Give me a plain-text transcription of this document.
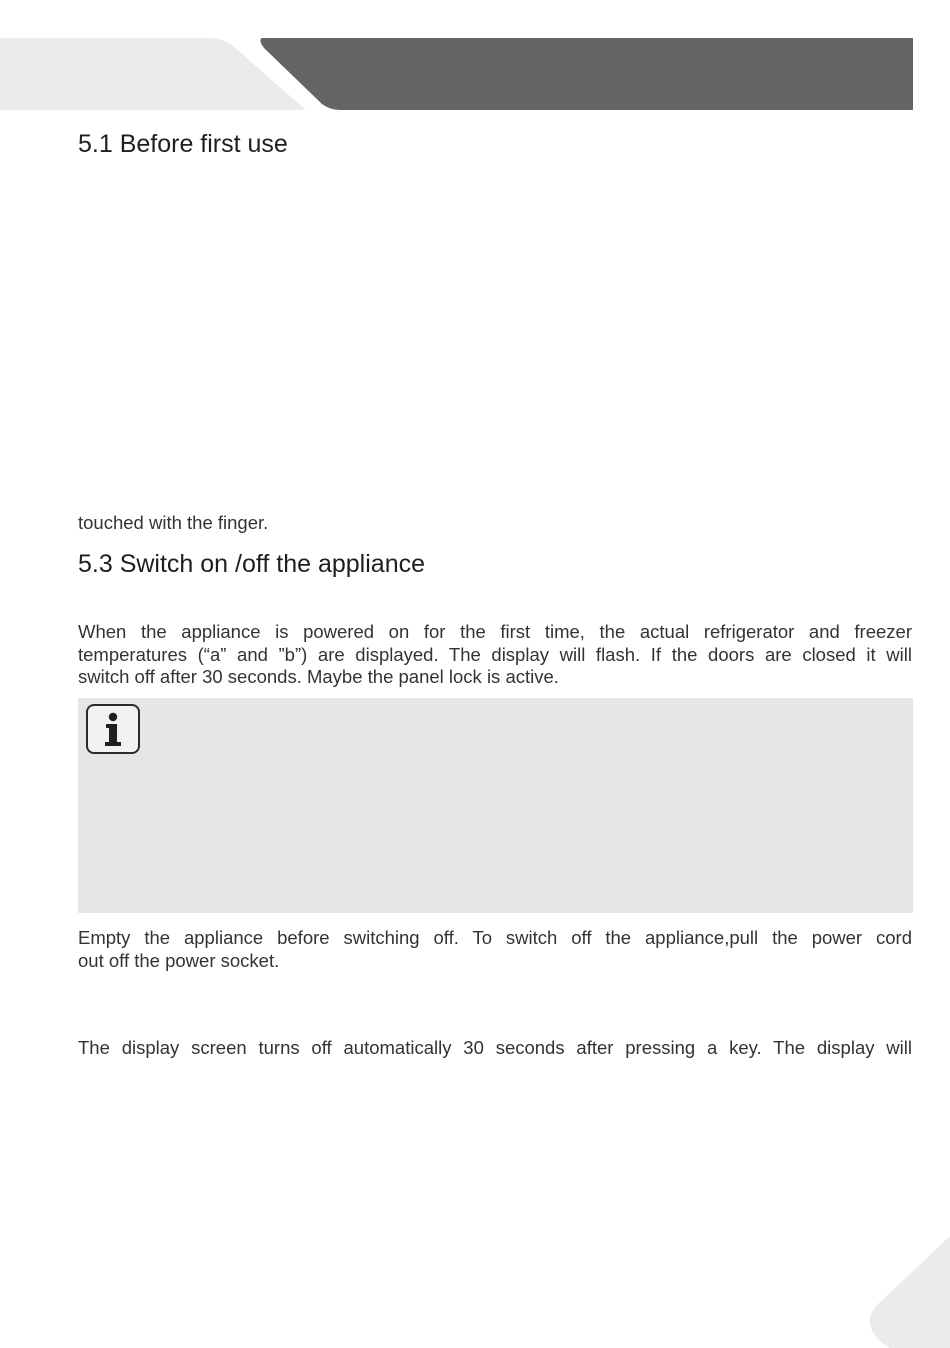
5.1 Before first use

touched with the finger.

5.3 Switch on /off the appliance

When the appliance is powered on for the first time, the actual refrigerator and freezer
temperatures (“a” and ”b”) are displayed. The display will flash. If the doors are closed it will
switch off after 30 seconds. Maybe the panel lock is active.

Empty the appliance before switching off. To switch off the appliance,pull the power cord
out off the power socket.

The display screen turns off automatically 30 seconds after pressing a key. The display will
